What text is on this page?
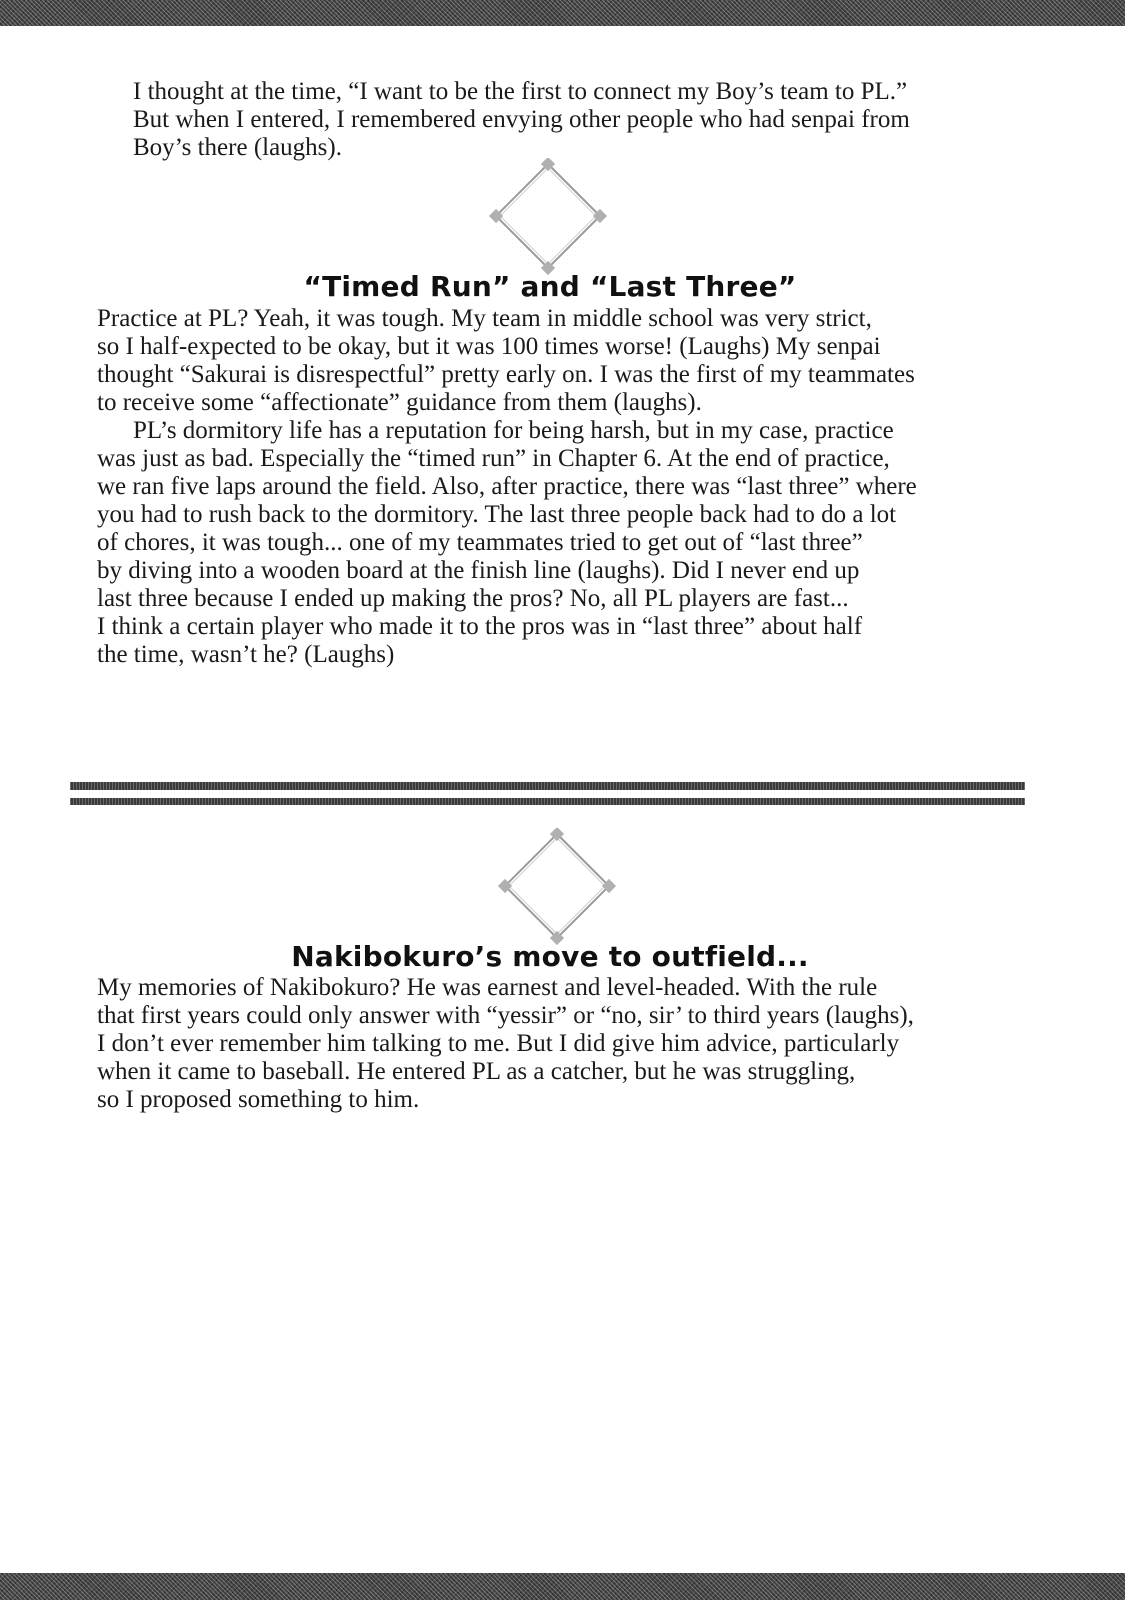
I thought at the time, “I want to be the first to connect my Boy’s team to PL.”
But when I entered, I remembered envying other people who had senpai from
Boy’s there (laughs).
“Timed Run” and “Last Three”
Practice at PL? Yeah, it was tough. My team in middle school was very strict,
so I half-expected to be okay, but it was 100 times worse! (Laughs) My senpai
thought “Sakurai is disrespectful” pretty early on. I was the first of my teammates
to receive some “affectionate” guidance from them (laughs).
PL’s dormitory life has a reputation for being harsh, but in my case, practice
was just as bad. Especially the “timed run” in Chapter 6. At the end of practice,
we ran five laps around the field. Also, after practice, there was “last three” where
you had to rush back to the dormitory. The last three people back had to do a lot
of chores, it was tough... one of my teammates tried to get out of “last three”
by diving into a wooden board at the finish line (laughs). Did I never end up
last three because I ended up making the pros? No, all PL players are fast...
I think a certain player who made it to the pros was in “last three” about half
the time, wasn’t he? (Laughs)
Nakibokuro’s move to outfield...
My memories of Nakibokuro? He was earnest and level-headed. With the rule
that first years could only answer with “yessir” or “no, sir’ to third years (laughs),
I don’t ever remember him talking to me. But I did give him advice, particularly
when it came to baseball. He entered PL as a catcher, but he was struggling,
so I proposed something to him.
